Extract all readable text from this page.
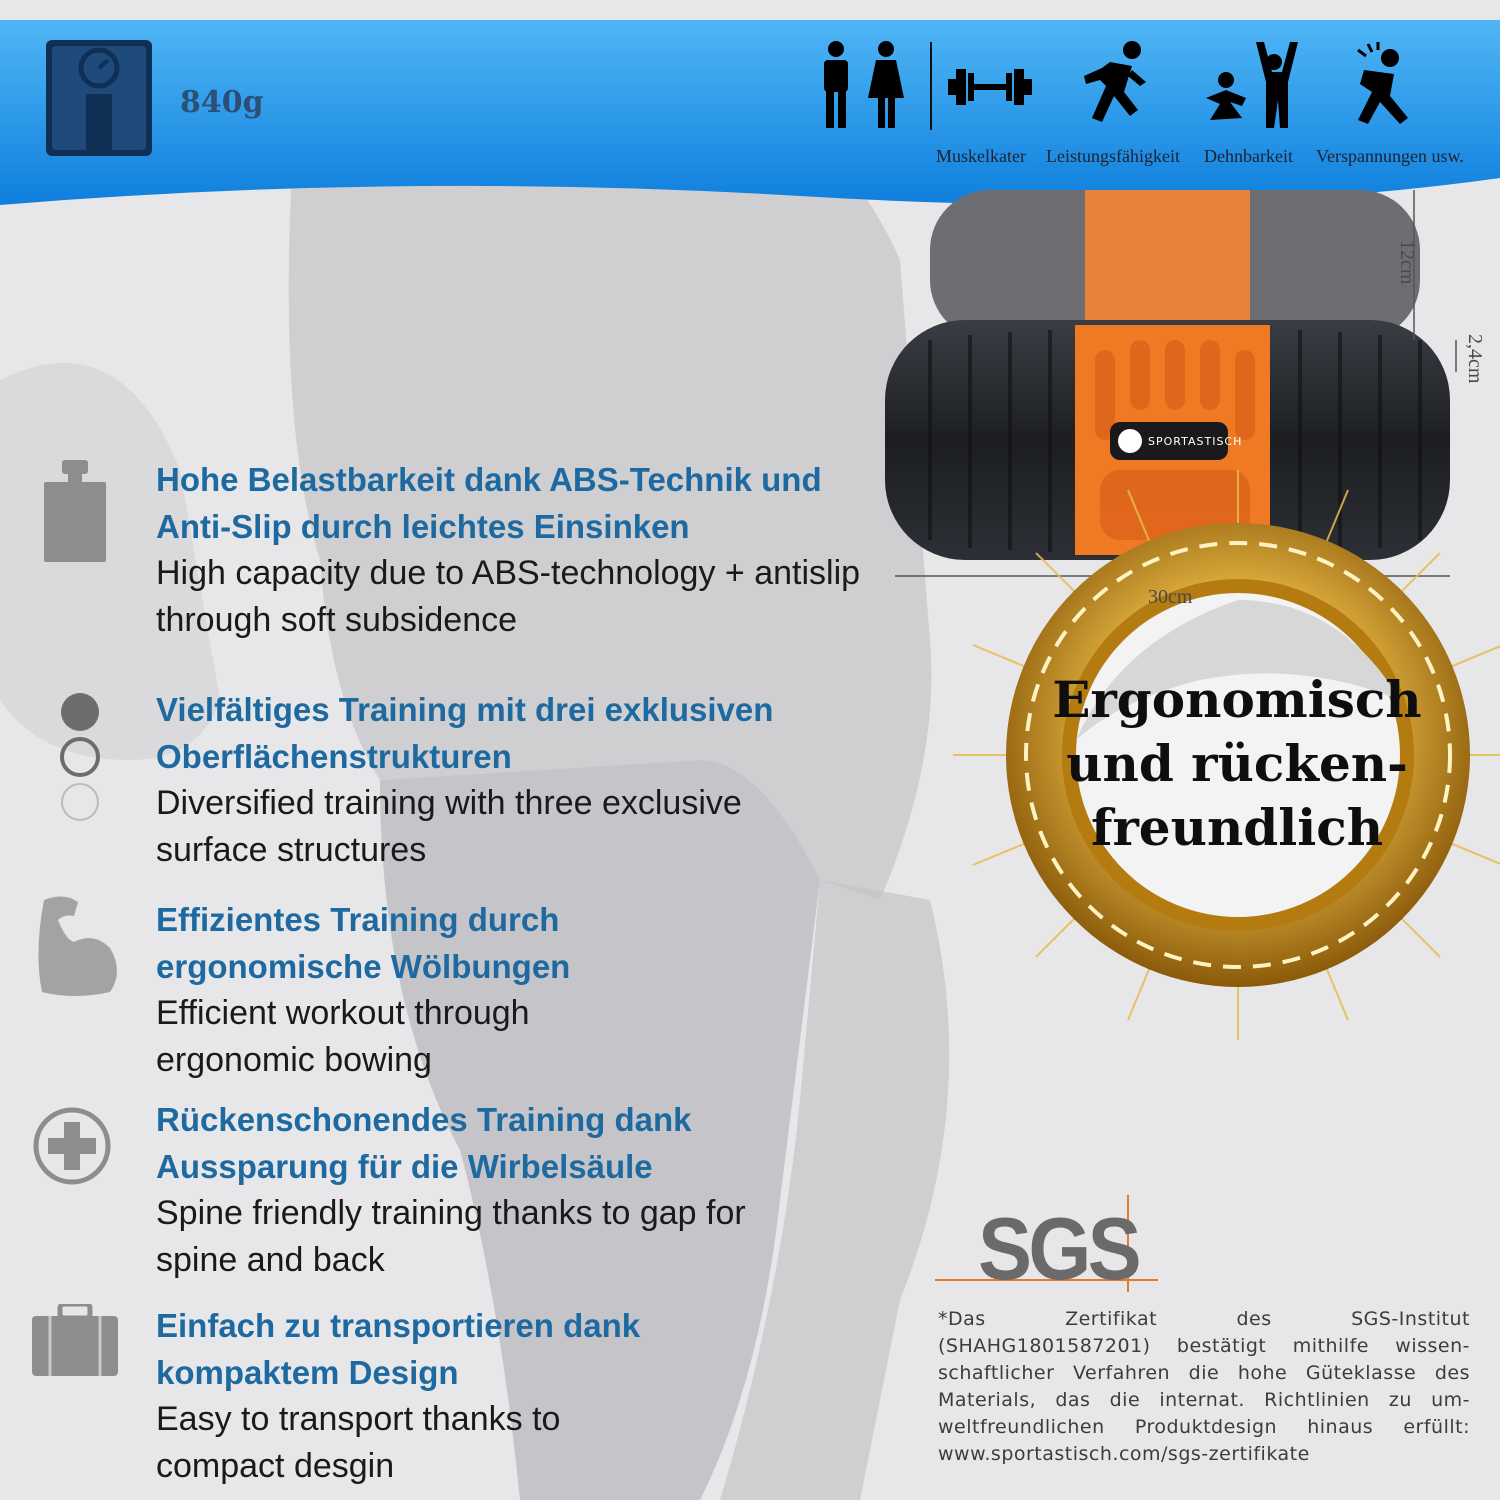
840g
Muskelkater Leistungsfähigkeit Dehnbarkeit Verspannungen usw.
SPORTASTISCH
12cm
2,4cm
30cm
Ergonomisch
und rücken-
freundlich

Hohe Belastbarkeit dank ABS-Technik und Anti-Slip durch leichtes Einsinken

High capacity due to ABS-technology + antislip through soft subsidence

Vielfältiges Training mit drei exklusiven Oberflächenstrukturen

Diversified training with three exclusive surface structures

Effizientes Training durch ergonomische Wölbungen

Efficient workout through ergonomic bowing

Rückenschonendes Training dank Aussparung für die Wirbelsäule

Spine friendly training thanks to gap for spine and back

Einfach zu transportieren dank kompaktem Design

Easy to transport thanks to compact desgin

SGS
*Das Zertifikat des SGS-Institut (SHAHG1801587201) bestätigt mithilfe wissen-schaftlicher Verfahren die hohe Güteklasse des Materials, das die internat. Richtlinien zu um-weltfreundlichen Produktdesign hinaus erfüllt: www.sportastisch.com/sgs-zertifikate
